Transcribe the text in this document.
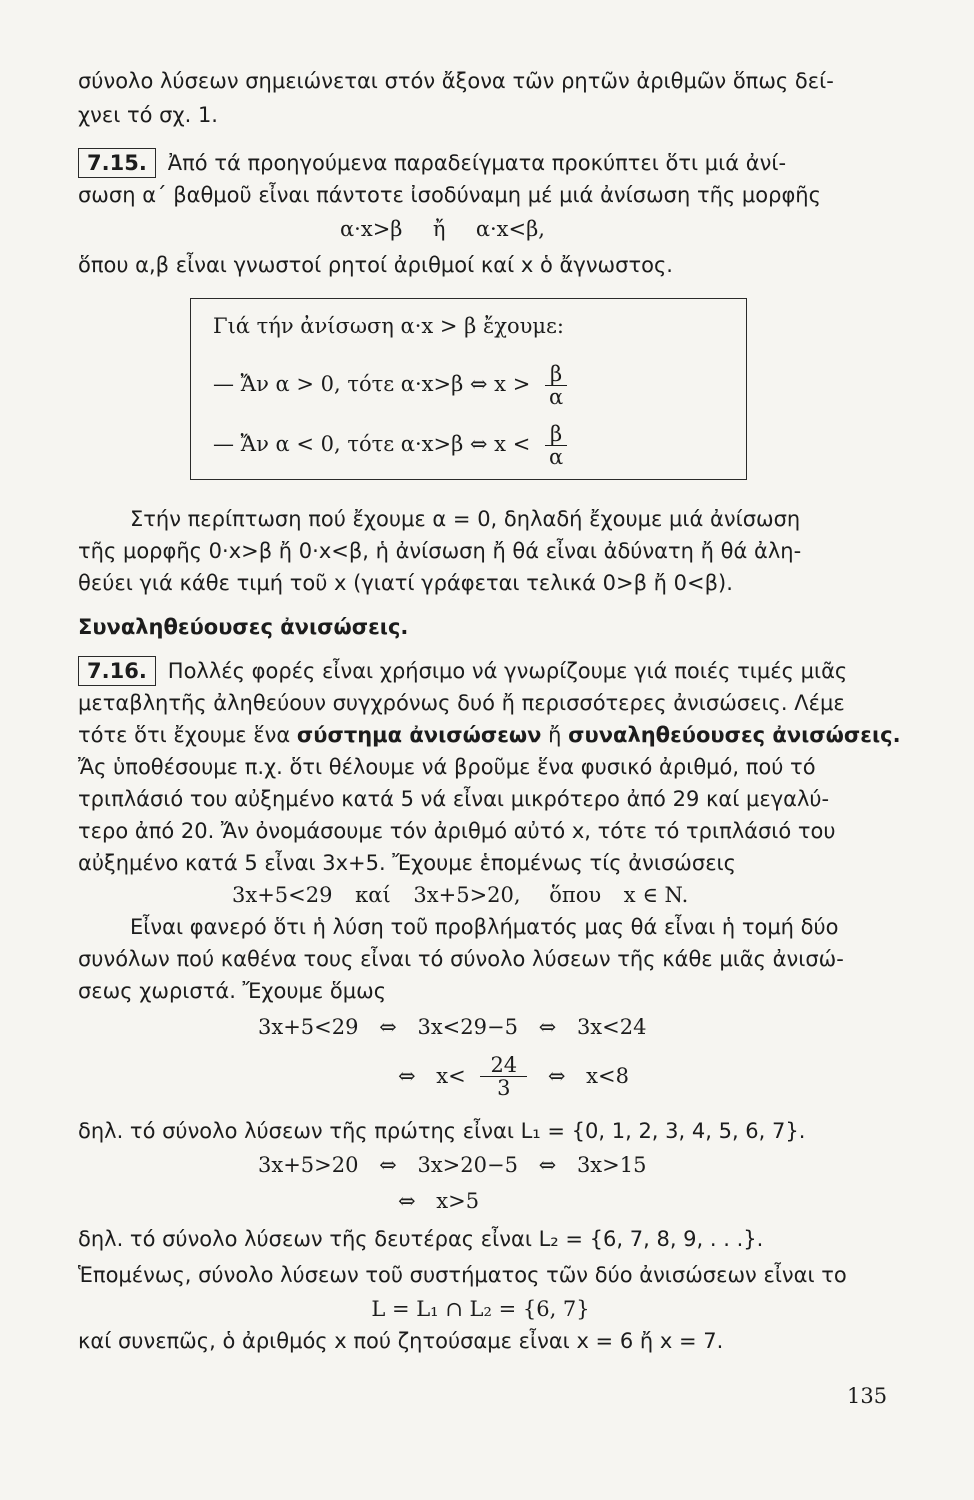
σύνολο λύσεων σημειώνεται στόν ἄξονα τῶν ρητῶν ἀριθμῶν ὅπως δεί-
χνει τό σχ. 1.
7.15. Ἀπό τά προηγούμενα παραδείγματα προκύπτει ὅτι μιά ἀνί-
σωση α΄ βαθμοῦ εἶναι πάντοτε ἰσοδύναμη μέ μιά ἀνίσωση τῆς μορφῆς
α·x>β ἤ α·x<β,
ὅπου α,β εἶναι γνωστοί ρητοί ἀριθμοί καί x ὁ ἄγνωστος.
Γιά τήν ἀνίσωση α·x > β ἔχουμε:
— Ἄν α > 0, τότε α·x>β ⇔ $x > \frac{\beta}{\alpha}$
— Ἄν α < 0, τότε α·x>β ⇔ $x < \frac{\beta}{\alpha}$
Στήν περίπτωση πού ἔχουμε α = 0, δηλαδή ἔχουμε μιά ἀνίσωση
τῆς μορφῆς 0·x>β ἤ 0·x<β, ἡ ἀνίσωση ἤ θά εἶναι ἀδύνατη ἤ θά ἀλη-
θεύει γιά κάθε τιμή τοῦ x (γιατί γράφεται τελικά 0>β ἤ 0<β).
Συναληθεύουσες ἀνισώσεις.
7.16. Πολλές φορές εἶναι χρήσιμο νά γνωρίζουμε γιά ποιές τιμές μιᾶς
μεταβλητῆς ἀληθεύουν συγχρόνως δυό ἤ περισσότερες ἀνισώσεις. Λέμε
τότε ὅτι ἔχουμε ἕνα σύστημα ἀνισώσεων ἤ συναληθεύουσες ἀνισώσεις.
Ἄς ὑποθέσουμε π.χ. ὅτι θέλουμε νά βροῦμε ἕνα φυσικό ἀριθμό, πού τό
τριπλάσιό του αὐξημένο κατά 5 νά εἶναι μικρότερο ἀπό 29 καί μεγαλύ-
τερο ἀπό 20. Ἄν ὀνομάσουμε τόν ἀριθμό αὐτό x, τότε τό τριπλάσιό του
αὐξημένο κατά 5 εἶναι 3x+5. Ἔχουμε ἑπομένως τίς ἀνισώσεις
3x+5<29 καί 3x+5>20, ὅπου x ∈ N.
Εἶναι φανερό ὅτι ἡ λύση τοῦ προβλήματός μας θά εἶναι ἡ τομή δύο
συνόλων πού καθένα τους εἶναι τό σύνολο λύσεων τῆς κάθε μιᾶς ἀνισώ-
σεως χωριστά. Ἔχουμε ὅμως
3x+5<29 ⇔ 3x<29−5 ⇔ 3x<24
⇔ $x< \frac{24}{3}$ ⇔ x<8
δηλ. τό σύνολο λύσεων τῆς πρώτης εἶναι L₁ = {0, 1, 2, 3, 4, 5, 6, 7}.
3x+5>20 ⇔ 3x>20−5 ⇔ 3x>15
⇔ x>5
δηλ. τό σύνολο λύσεων τῆς δευτέρας εἶναι L₂ = {6, 7, 8, 9, . . .}.
Ἑπομένως, σύνολο λύσεων τοῦ συστήματος τῶν δύο ἀνισώσεων εἶναι το
L = L₁ ∩ L₂ = {6, 7}
καί συνεπῶς, ὁ ἀριθμός x πού ζητούσαμε εἶναι x = 6 ἤ x = 7.
135
